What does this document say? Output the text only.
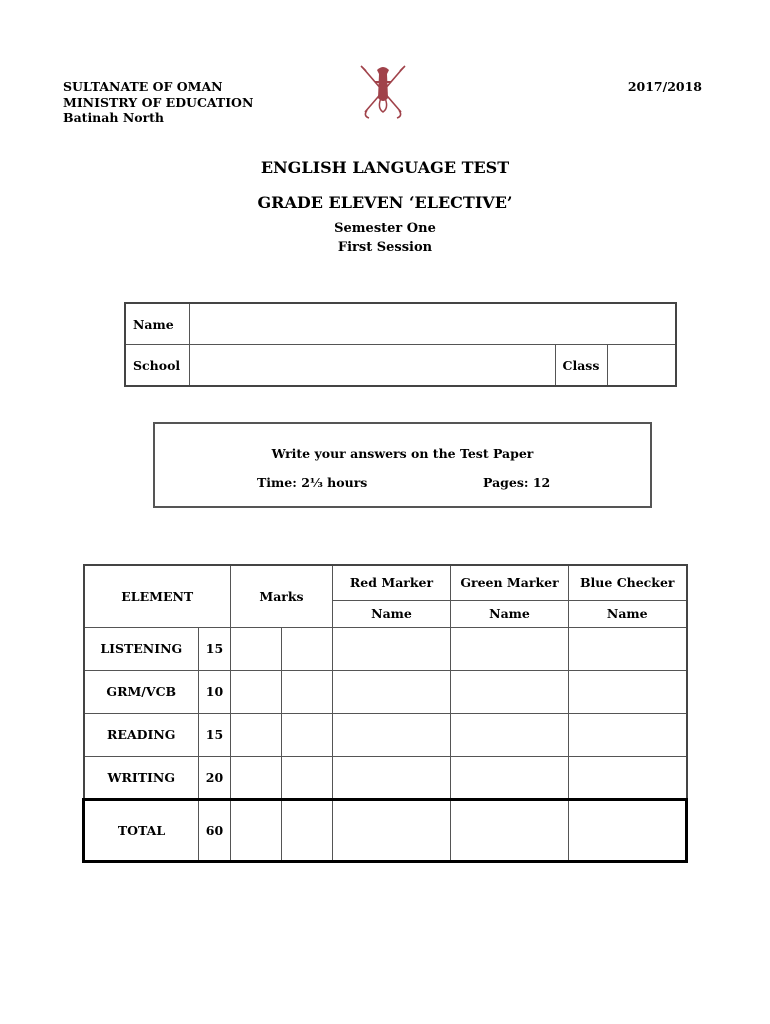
SULTANATE OF OMAN
MINISTRY OF EDUCATION
Batinah North
2017/2018
ENGLISH LANGUAGE TEST
GRADE ELEVEN ‘ELECTIVE’
Semester One
First Session
Name			
School		Class	
Write your answers on the Test Paper
Time: 2⅓ hours	Pages: 12
ELEMENT		Marks		Red Marker	Green Marker	Blue Checker
				Name	Name	Name
LISTENING	15					
GRM/VCB	10					
READING	15					
WRITING	20					
TOTAL	60					
